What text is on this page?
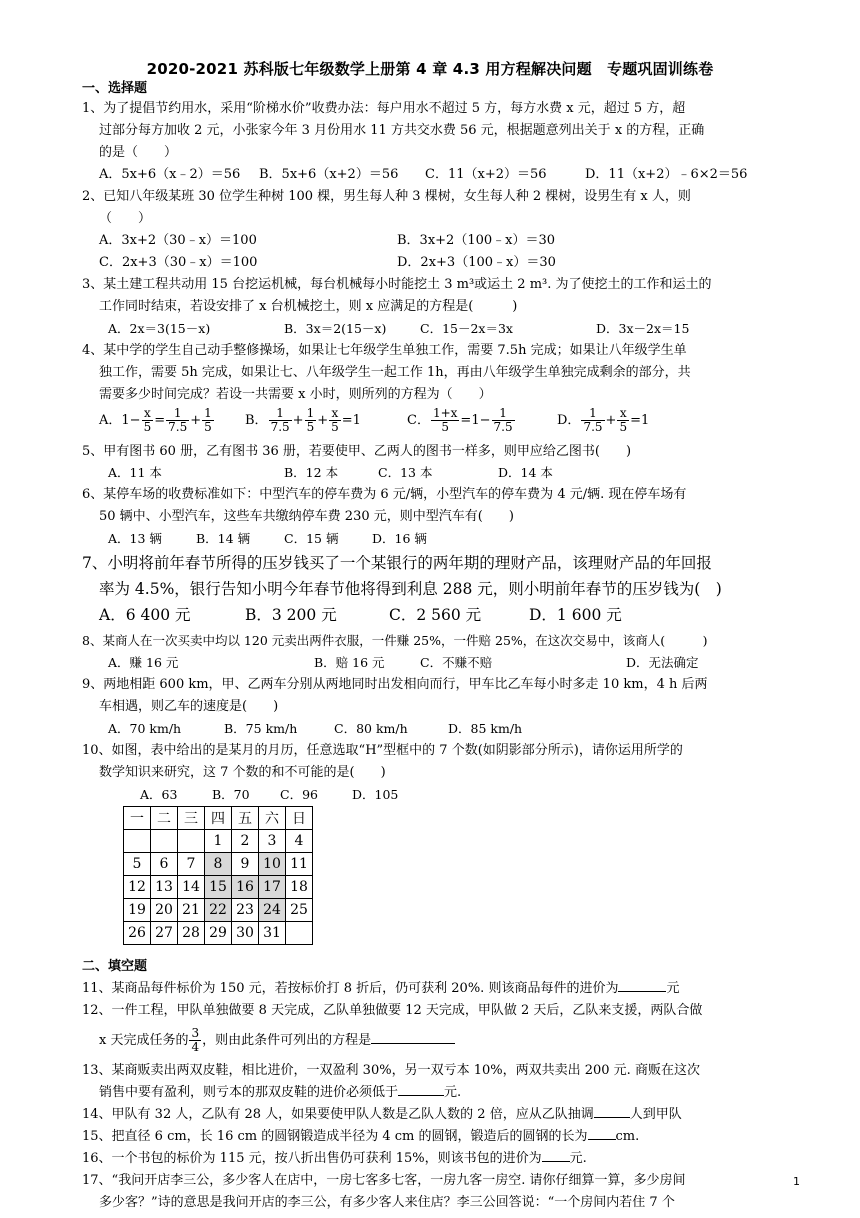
2020-2021 苏科版七年级数学上册第 4 章 4.3 用方程解决问题　专题巩固训练卷
一、选择题
1、为了提倡节约用水，采用“阶梯水价”收费办法：每户用水不超过 5 方，每方水费 x 元，超过 5 方，超
过部分每方加收 2 元，小张家今年 3 月份用水 11 方共交水费 56 元，根据题意列出关于 x 的方程，正确
的是（　　）
A．5x+6（x﹣2）＝56 B．5x+6（x+2）＝56 C．11（x+2）＝56	D．11（x+2）﹣6×2＝56
2、已知八年级某班 30 位学生种树 100 棵，男生每人种 3 棵树，女生每人种 2 棵树，设男生有 x 人，则
（　　）
A．3x+2（30﹣x）＝100	B．3x+2（100﹣x）＝30
C．2x+3（30﹣x）＝100	D．2x+3（100﹣x）＝30
3、某土建工程共动用 15 台挖运机械，每台机械每小时能挖土 3 m³或运土 2 m³. 为了使挖土的工作和运土的
工作同时结束，若设安排了 x 台机械挖土，则 x 应满足的方程是(　　　)
A．2x＝3(15－x)	B．3x＝2(15－x)	C．15－2x＝3x	D．3x－2x＝15
4、某中学的学生自己动手整修操场，如果让七年级学生单独工作，需要 7.5h 完成；如果让八年级学生单
独工作，需要 5h 完成，如果让七、八年级学生一起工作 1h，再由八年级学生单独完成剩余的部分，共
需要多少时间完成？若设一共需要 x 小时，则所列的方程为（　　）
A．$1- \frac{x}{5} = \frac{1}{7.5} + \frac{1}{5}$ B． $\frac{1}{7.5} + \frac{1}{5} + \frac{x}{5} =1$	C． $\frac{1+x}{5} =1- \frac{1}{7.5}$	D． $\frac{1}{7.5} + \frac{x}{5} =1$
5、甲有图书 60 册，乙有图书 36 册，若要使甲、乙两人的图书一样多，则甲应给乙图书(　　)
A．11 本	B．12 本	C．13 本	D．14 本
6、某停车场的收费标准如下：中型汽车的停车费为 6 元/辆，小型汽车的停车费为 4 元/辆. 现在停车场有
50 辆中、小型汽车，这些车共缴纳停车费 230 元，则中型汽车有(　　)
A．13 辆	B．14 辆	C．15 辆	D．16 辆
7、小明将前年春节所得的压岁钱买了一个某银行的两年期的理财产品，该理财产品的年回报
率为 4.5%，银行告知小明今年春节他将得到利息 288 元，则小明前年春节的压岁钱为(　)
A．6 400 元	B．3 200 元	C．2 560 元	D．1 600 元
8、某商人在一次买卖中均以 120 元卖出两件衣服，一件赚 25%，一件赔 25%，在这次交易中，该商人(　　　)
A．赚 16 元	B．赔 16 元	C．不赚不赔	D．无法确定
9、两地相距 600 km，甲、乙两车分别从两地同时出发相向而行，甲车比乙车每小时多走 10 km，4 h 后两
车相遇，则乙车的速度是(　　)
A．70 km/h	B．75 km/h	C．80 km/h	D．85 km/h
一	二	三	四	五	六	日
			1	2	3	4
5	6	7	8	9	10	11
12	13	14	15	16	17	18
19	20	21	22	23	24	25
26	27	28	29	30	31	
二、填空题
11、某商品每件标价为 150 元，若按标价打 8 折后，仍可获利 20%. 则该商品每件的进价为	元
12、一件工程，甲队单独做要 8 天完成，乙队单独做要 12 天完成，甲队做 2 天后，乙队来支援，两队合做
x 天完成任务的 $\frac{3}{4}$ ，则由此条件可列出的方程是
13、某商贩卖出两双皮鞋，相比进价，一双盈利 30%，另一双亏本 10%，两双共卖出 200 元. 商贩在这次
销售中要有盈利，则亏本的那双皮鞋的进价必须低于	元.
14、甲队有 32 人，乙队有 28 人，如果要使甲队人数是乙队人数的 2 倍，应从乙队抽调	人到甲队
15、把直径 6 cm，长 16 cm 的圆钢锻造成半径为 4 cm 的圆钢，锻造后的圆钢的长为 cm.
16、一个书包的标价为 115 元，按八折出售仍可获利 15%，则该书包的进价为 元.
1
10、如图，表中给出的是某月的月历，任意选取“H”型框中的 7 个数(如阴影部分所示)，请你运用所学的
数学知识来研究，这 7 个数的和不可能的是(　　)
A．63	B．70 C．96	D．105
17、“我问开店李三公，多少客人在店中，一房七客多七客，一房九客一房空. 请你仔细算一算，多少房间
多少客？”诗的意思是我问开店的李三公，有多少客人来住店？李三公回答说：“一个房间内若住 7 个
